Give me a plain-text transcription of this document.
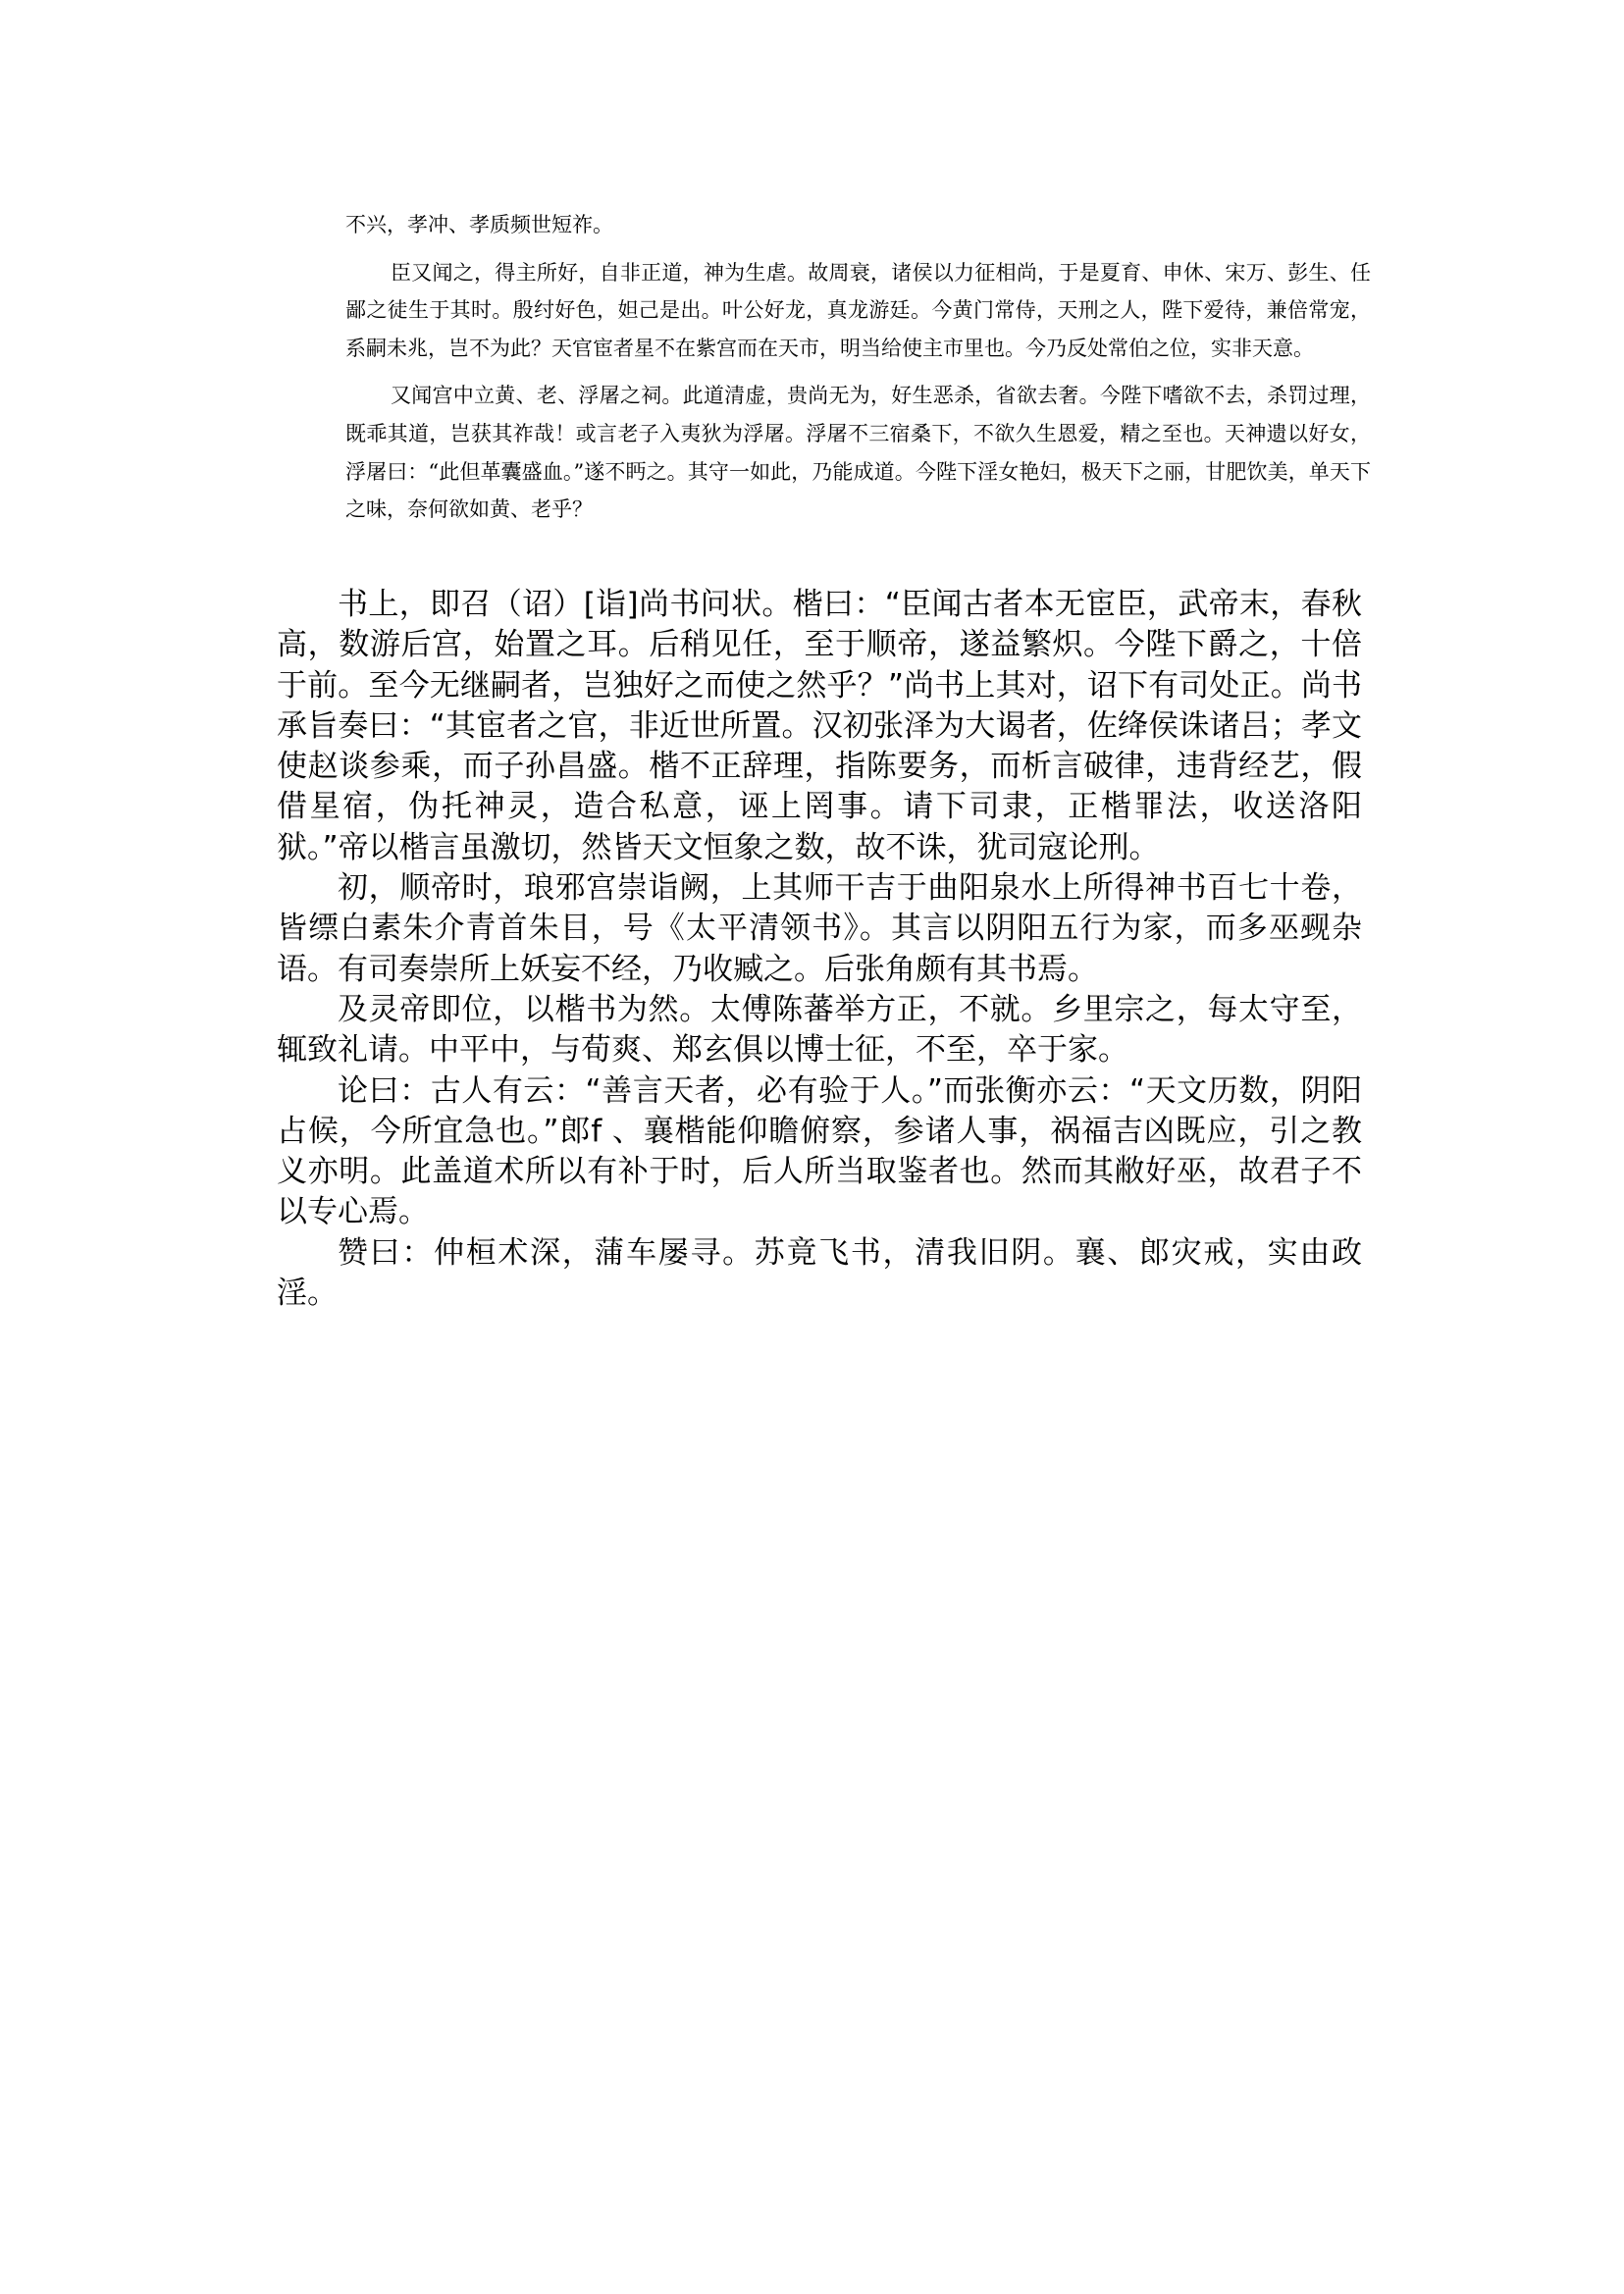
不兴，孝冲、孝质频世短祚。

臣又闻之，得主所好，自非正道，神为生虐。故周衰，诸侯以力征相尚，于是夏育、申休、宋万、彭生、任鄙之徒生于其时。殷纣好色，妲己是出。叶公好龙，真龙游廷。今黄门常侍，天刑之人，陛下爱待，兼倍常宠，系嗣未兆，岂不为此？天官宦者星不在紫宫而在天市，明当给使主市里也。今乃反处常伯之位，实非天意。

又闻宫中立黄、老、浮屠之祠。此道清虚，贵尚无为，好生恶杀，省欲去奢。今陛下嗜欲不去，杀罚过理，既乖其道，岂获其祚哉！或言老子入夷狄为浮屠。浮屠不三宿桑下，不欲久生恩爱，精之至也。天神遗以好女，浮屠曰：“此但革囊盛血。”遂不眄之。其守一如此，乃能成道。今陛下淫女艳妇，极天下之丽，甘肥饮美，单天下之味，奈何欲如黄、老乎？

书上，即召（诏）[诣]尚书问状。楷曰：“臣闻古者本无宦臣，武帝末，春秋高，数游后宫，始置之耳。后稍见任，至于顺帝，遂益繁炽。今陛下爵之，十倍于前。至今无继嗣者，岂独好之而使之然乎？”尚书上其对，诏下有司处正。尚书承旨奏曰：“其宦者之官，非近世所置。汉初张泽为大谒者，佐绛侯诛诸吕；孝文使赵谈参乘，而子孙昌盛。楷不正辞理，指陈要务，而析言破律，违背经艺，假借星宿，伪托神灵，造合私意，诬上罔事。请下司隶，正楷罪法，收送洛阳狱。”帝以楷言虽激切，然皆天文恒象之数，故不诛，犹司寇论刑。

初，顺帝时，琅邪宫崇诣阙，上其师干吉于曲阳泉水上所得神书百七十卷，皆缥白素朱介青首朱目，号《太平清领书》。其言以阴阳五行为家，而多巫觋杂语。有司奏崇所上妖妄不经，乃收臧之。后张角颇有其书焉。

及灵帝即位，以楷书为然。太傅陈蕃举方正，不就。乡里宗之，每太守至，辄致礼请。中平中，与荀爽、郑玄俱以博士征，不至，卒于家。

论曰：古人有云：“善言天者，必有验于人。”而张衡亦云：“天文历数，阴阳占候，今所宜急也。”郎f 、襄楷能仰瞻俯察，参诸人事，祸福吉凶既应，引之教义亦明。此盖道术所以有补于时，后人所当取鉴者也。然而其敝好巫，故君子不以专心焉。

赞曰：仲桓术深，蒲车屡寻。苏竟飞书，清我旧阴。襄、郎灾戒，实由政淫。
